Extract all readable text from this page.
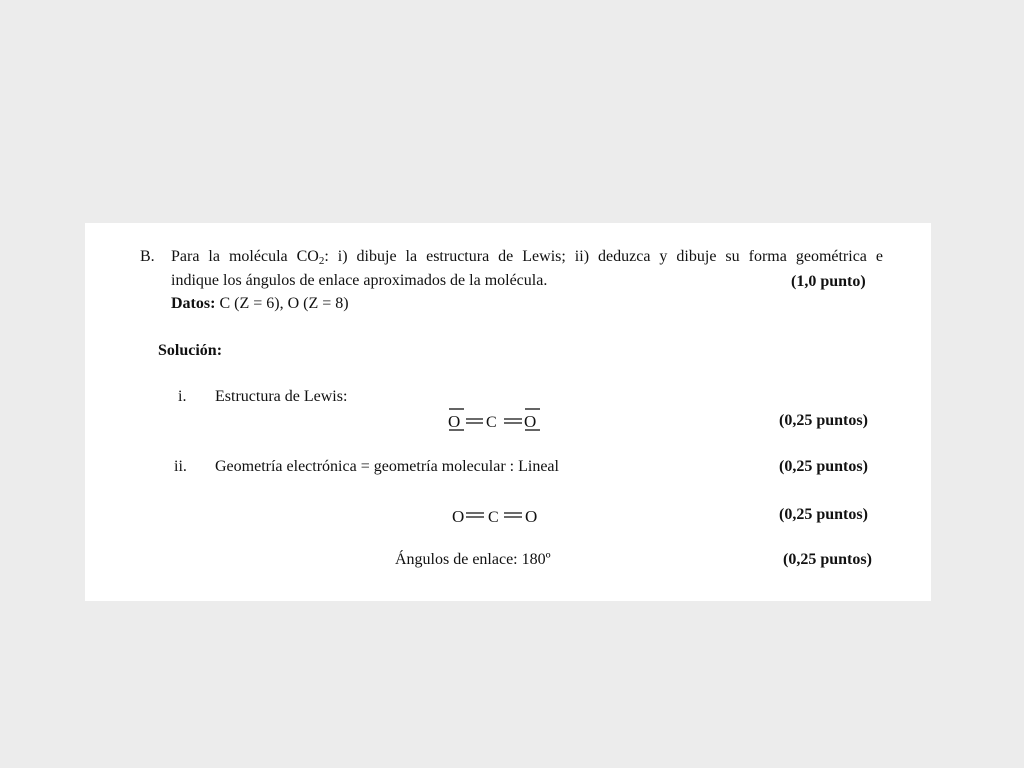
B. Para la molécula $CO_2$: i) dibuje la estructura de Lewis; ii) deduzca y dibuje su forma geométrica e
indique los ángulos de enlace aproximados de la molécula.	(1,0 punto)
Datos: C (Z = 6), O (Z = 8)
Solución:
i. Estructura de Lewis:
O C O	(0,25 puntos)
ii. Geometría electrónica = geometría molecular : Lineal	(0,25 puntos)
O C O	(0,25 puntos)
Ángulos de enlace: 180º	(0,25 puntos)
